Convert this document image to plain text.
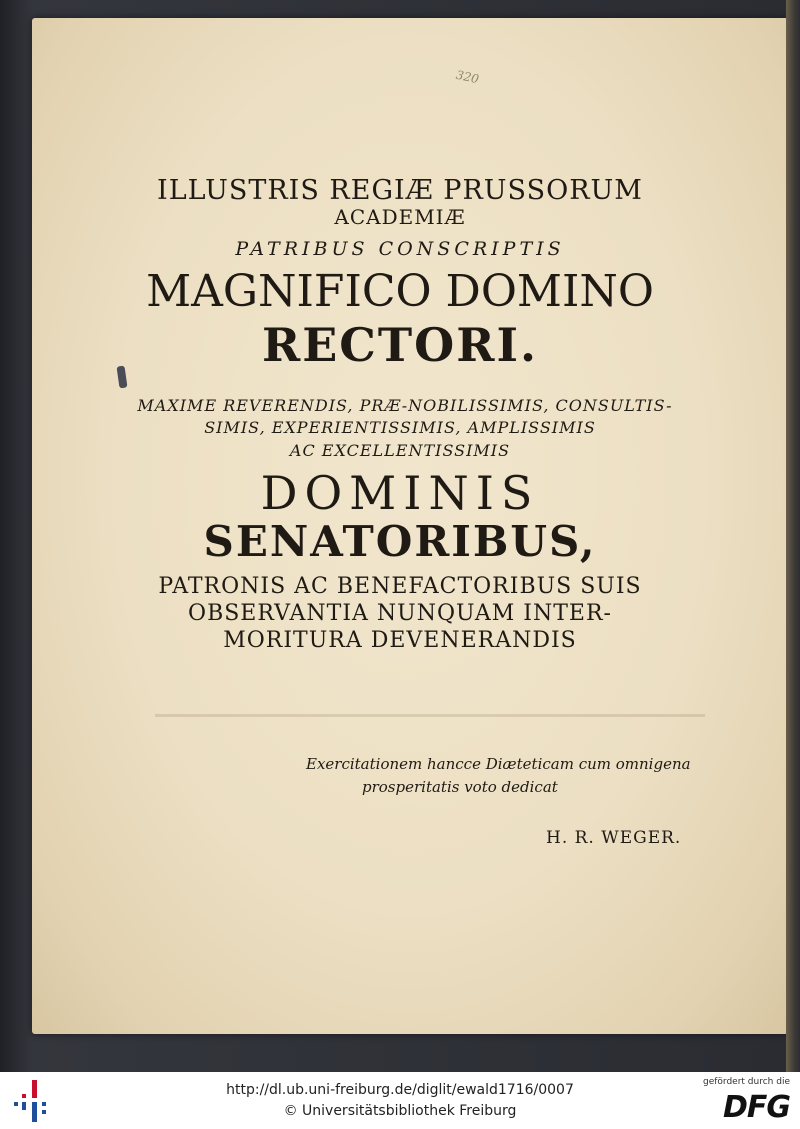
320

ILLUSTRIS REGIÆ PRUSSORUM

ACADEMIÆ

PATRIBUS CONSCRIPTIS

MAGNIFICO DOMINO

RECTORI.

MAXIME REVERENDIS, PRÆ-NOBILISSIMIS, CONSULTIS-

SIMIS, EXPERIENTISSIMIS, AMPLISSIMIS

AC EXCELLENTISSIMIS

DOMINIS

SENATORIBUS,

PATRONIS AC BENEFACTORIBUS SUIS

OBSERVANTIA NUNQUAM INTER-

MORITURA DEVENERANDIS

Exercitationem hancce Diæteticam cum omnigena
prosperitatis voto dedicat
H. R. WEGER.
http://dl.ub.uni-freiburg.de/diglit/ewald1716/0007
© Universitätsbibliothek Freiburg
gefördert durch die
DFG
